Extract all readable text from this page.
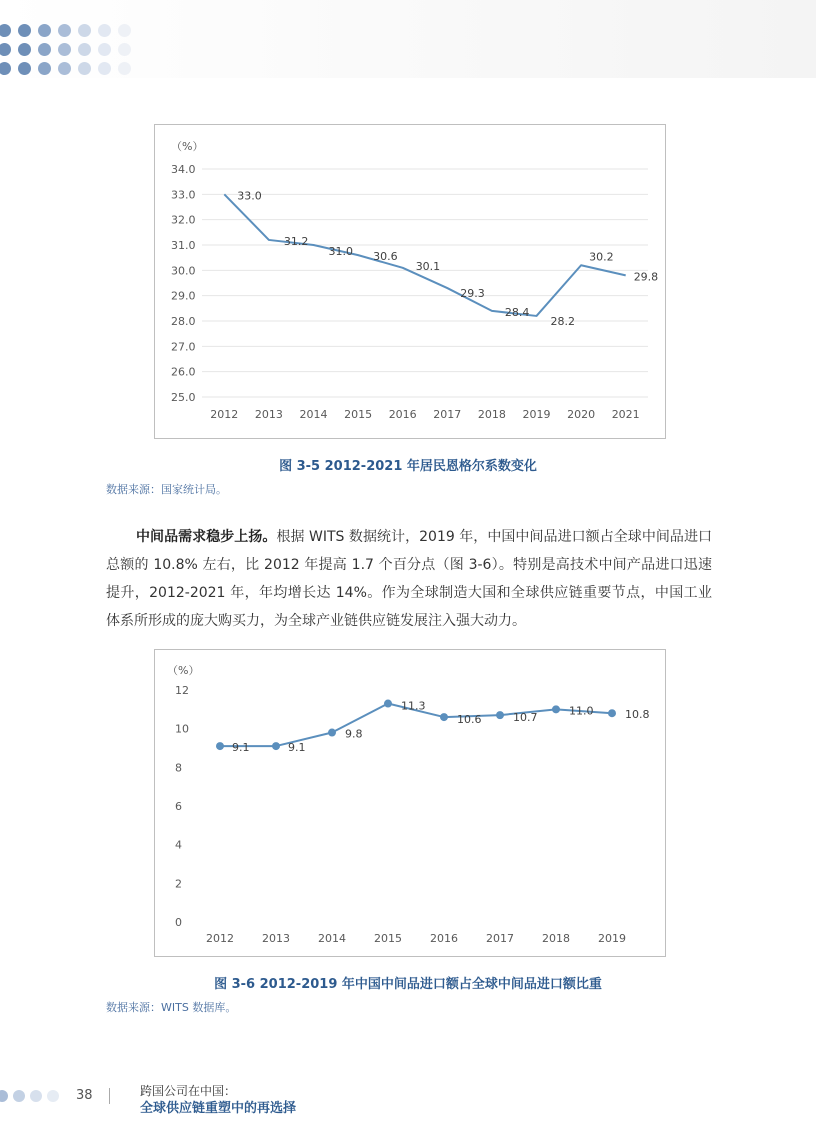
（%）
34.0
33.0
32.0
31.0
30.0
29.0
28.0
27.0
26.0
25.0
2012 2013 2014 2015 2016 2017 2018 2019 2020 2021
33.0
31.2
31.0 30.6
30.1
29.3
28.4
28.2
30.2
29.8
图 3-5 2012-2021 年居民恩格尔系数变化
数据来源：国家统计局。
中间品需求稳步上扬。根据 WITS 数据统计，2019 年，中国中间品进口额占全球中间品进口总额的 10.8% 左右，比 2012 年提高 1.7 个百分点（图 3-6）。特别是高技术中间产品进口迅速提升，2012-2021 年，年均增长达 14%。作为全球制造大国和全球供应链重要节点，中国工业体系所形成的庞大购买力，为全球产业链供应链发展注入强大动力。
（%）
12
10
8
6
4
2
0
2012	2013	2014	2015	2016	2017	2018	2019
9.1	9.1
9.8
11.3
10.6	10.7
11.0	10.8
图 3-6 2012-2019 年中国中间品进口额占全球中间品进口额比重
数据来源：WITS 数据库。
38	跨国公司在中国：
全球供应链重塑中的再选择
